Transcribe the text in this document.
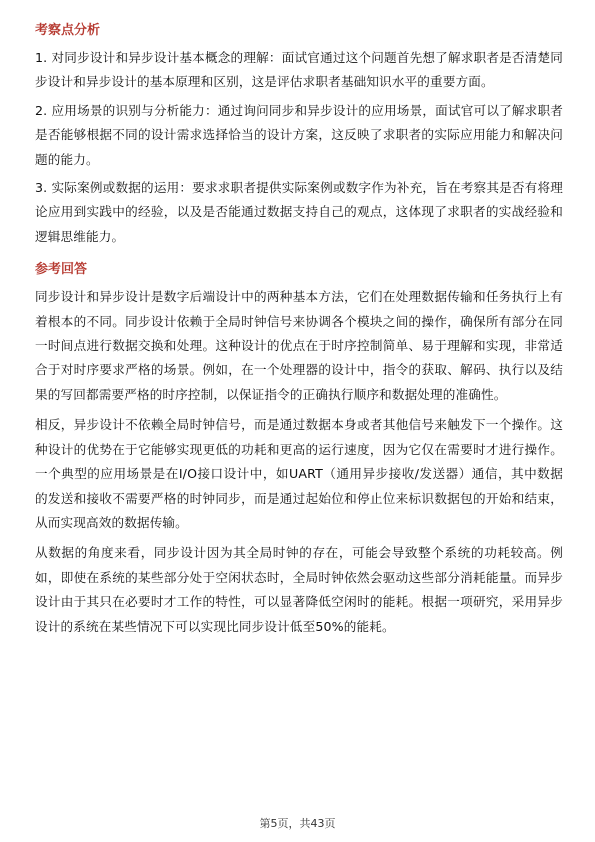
考察点分析

1. 对同步设计和异步设计基本概念的理解：面试官通过这个问题首先想了解求职者是否清楚同步设计和异步设计的基本原理和区别，这是评估求职者基础知识水平的重要方面。

2. 应用场景的识别与分析能力：通过询问同步和异步设计的应用场景，面试官可以了解求职者是否能够根据不同的设计需求选择恰当的设计方案，这反映了求职者的实际应用能力和解决问题的能力。

3. 实际案例或数据的运用：要求求职者提供实际案例或数字作为补充，旨在考察其是否有将理论应用到实践中的经验，以及是否能通过数据支持自己的观点，这体现了求职者的实战经验和逻辑思维能力。

参考回答

同步设计和异步设计是数字后端设计中的两种基本方法，它们在处理数据传输和任务执行上有着根本的不同。同步设计依赖于全局时钟信号来协调各个模块之间的操作，确保所有部分在同一时间点进行数据交换和处理。这种设计的优点在于时序控制简单、易于理解和实现，非常适合于对时序要求严格的场景。例如，在一个处理器的设计中，指令的获取、解码、执行以及结果的写回都需要严格的时序控制，以保证指令的正确执行顺序和数据处理的准确性。

相反，异步设计不依赖全局时钟信号，而是通过数据本身或者其他信号来触发下一个操作。这种设计的优势在于它能够实现更低的功耗和更高的运行速度，因为它仅在需要时才进行操作。一个典型的应用场景是在I/O接口设计中，如UART（通用异步接收/发送器）通信，其中数据的发送和接收不需要严格的时钟同步，而是通过起始位和停止位来标识数据包的开始和结束，从而实现高效的数据传输。

从数据的角度来看，同步设计因为其全局时钟的存在，可能会导致整个系统的功耗较高。例如，即使在系统的某些部分处于空闲状态时，全局时钟依然会驱动这些部分消耗能量。而异步设计由于其只在必要时才工作的特性，可以显著降低空闲时的能耗。根据一项研究，采用异步设计的系统在某些情况下可以实现比同步设计低至50%的能耗。

第5页，共43页
